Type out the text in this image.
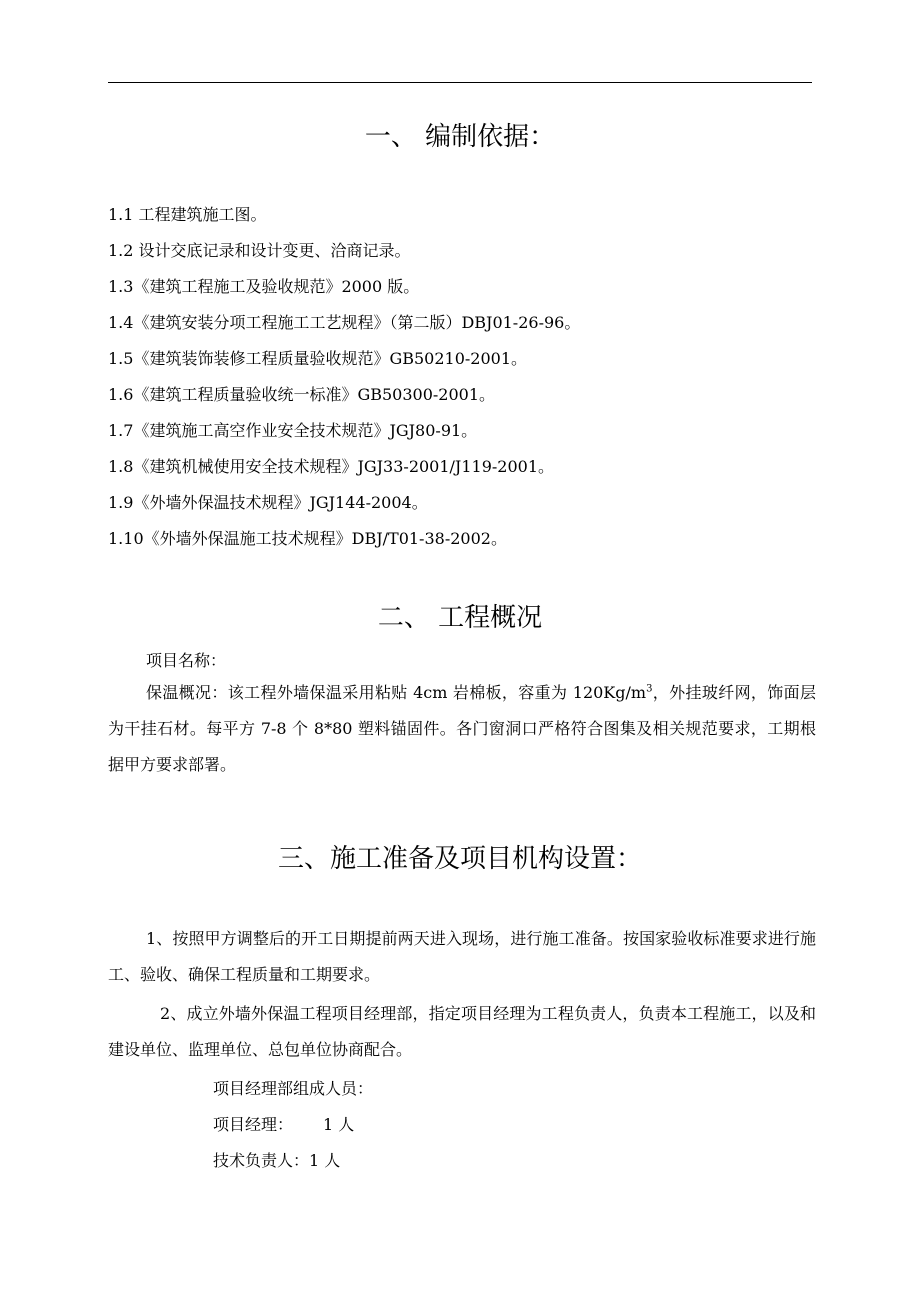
一、 编制依据：
1.1 工程建筑施工图。
1.2 设计交底记录和设计变更、洽商记录。
1.3《建筑工程施工及验收规范》2000 版。
1.4《建筑安装分项工程施工工艺规程》（第二版）DBJ01-26-96。
1.5《建筑装饰装修工程质量验收规范》GB50210-2001。
1.6《建筑工程质量验收统一标准》GB50300-2001。
1.7《建筑施工高空作业安全技术规范》JGJ80-91。
1.8《建筑机械使用安全技术规程》JGJ33-2001/J119-2001。
1.9《外墙外保温技术规程》JGJ144-2004。
1.10《外墙外保温施工技术规程》DBJ/T01-38-2002。
二、 工程概况
项目名称：
保温概况：该工程外墙保温采用粘贴 4cm 岩棉板，容重为 $120Kg/m^3$，外挂玻纤网，饰面层为干挂石材。每平方 7-8 个 8*80 塑料锚固件。各门窗洞口严格符合图集及相关规范要求，工期根据甲方要求部署。
三、施工准备及项目机构设置：
1、按照甲方调整后的开工日期提前两天进入现场，进行施工准备。按国家验收标准要求进行施工、验收、确保工程质量和工期要求。
2、成立外墙外保温工程项目经理部，指定项目经理为工程负责人，负责本工程施工，以及和建设单位、监理单位、总包单位协商配合。
项目经理部组成人员：
项目经理： 1 人
技术负责人： 1 人
